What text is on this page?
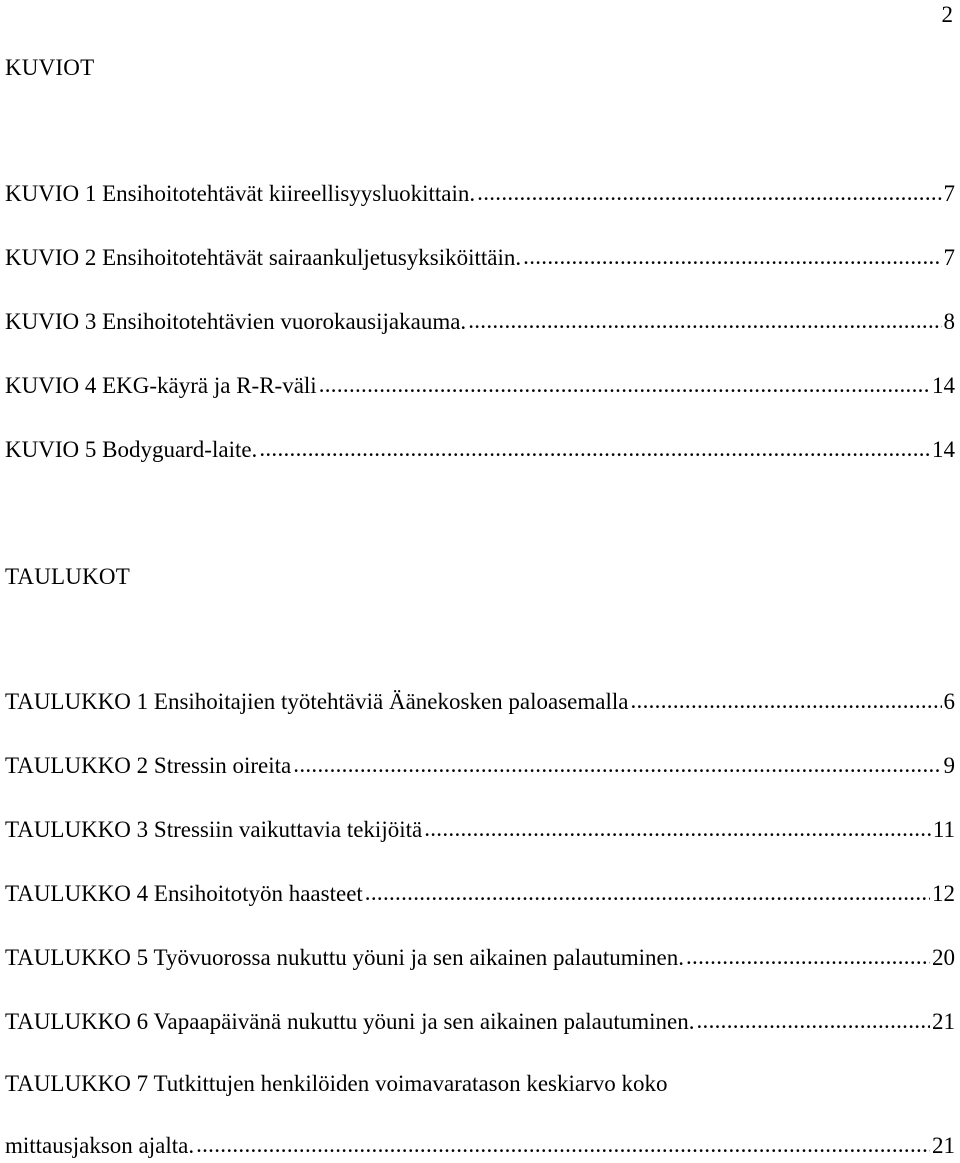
2
KUVIOT
KUVIO 1 Ensihoitotehtävät kiireellisyysluokittain. .....	7
KUVIO 2 Ensihoitotehtävät sairaankuljetusyksiköittäin. .....	7
KUVIO 3 Ensihoitotehtävien vuorokausijakauma. .....	8
KUVIO 4 EKG-käyrä ja R-R-väli .....	14
KUVIO 5 Bodyguard-laite. .....	14
TAULUKOT
TAULUKKO 1 Ensihoitajien työtehtäviä Äänekosken paloasemalla .....	6
TAULUKKO 2 Stressin oireita .....	9
TAULUKKO 3 Stressiin vaikuttavia tekijöitä .....	11
TAULUKKO 4 Ensihoitotyön haasteet .....	12
TAULUKKO 5 Työvuorossa nukuttu yöuni ja sen aikainen palautuminen. .....	20
TAULUKKO 6 Vapaapäivänä nukuttu yöuni ja sen aikainen palautuminen. .....	21
TAULUKKO 7 Tutkittujen henkilöiden voimavaratason keskiarvo koko
mittausjakson ajalta. .....	21
